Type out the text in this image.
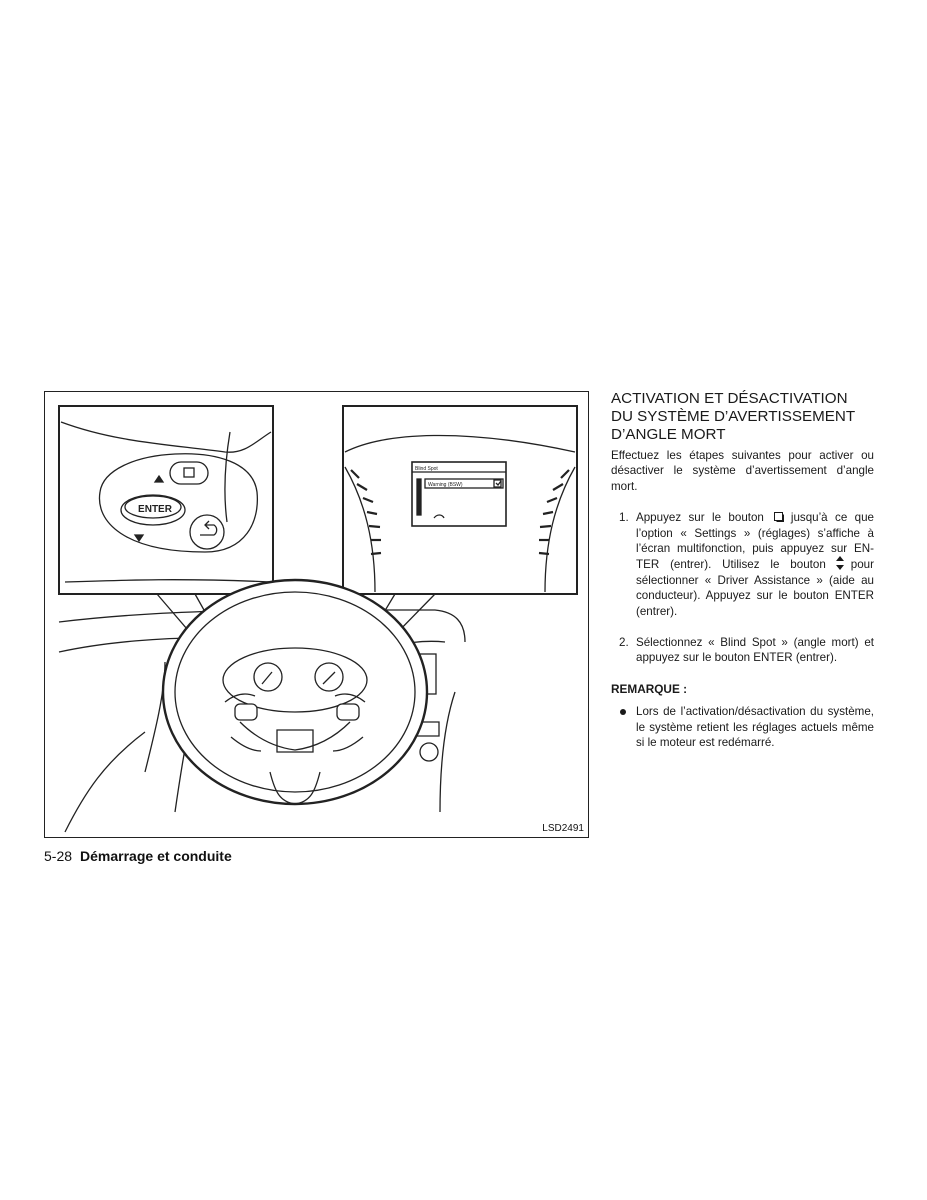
ENTER
Blind Spot
Warning (BSW)
LSD2491
5-28 Démarrage et conduite
ACTIVATION ET DÉSACTIVATION
DU SYSTÈME D’AVERTISSEMENT
D’ANGLE MORT

Effectuez les étapes suivantes pour activer ou désactiver le système d’avertissement d’angle mort.

1. Appuyez sur le bouton jusqu’à ce que l’option « Settings » (réglages) s’affiche à l’écran multifonction, puis appuyez sur EN-TER (entrer). Utilisez le bouton pour sélectionner « Driver Assistance » (aide au conducteur). Appuyez sur le bouton ENTER (entrer).
2. Sélectionnez « Blind Spot » (angle mort) et appuyez sur le bouton ENTER (entrer).
REMARQUE :
Lors de l’activation/désactivation du système, le système retient les réglages actuels même si le moteur est redémarré.
